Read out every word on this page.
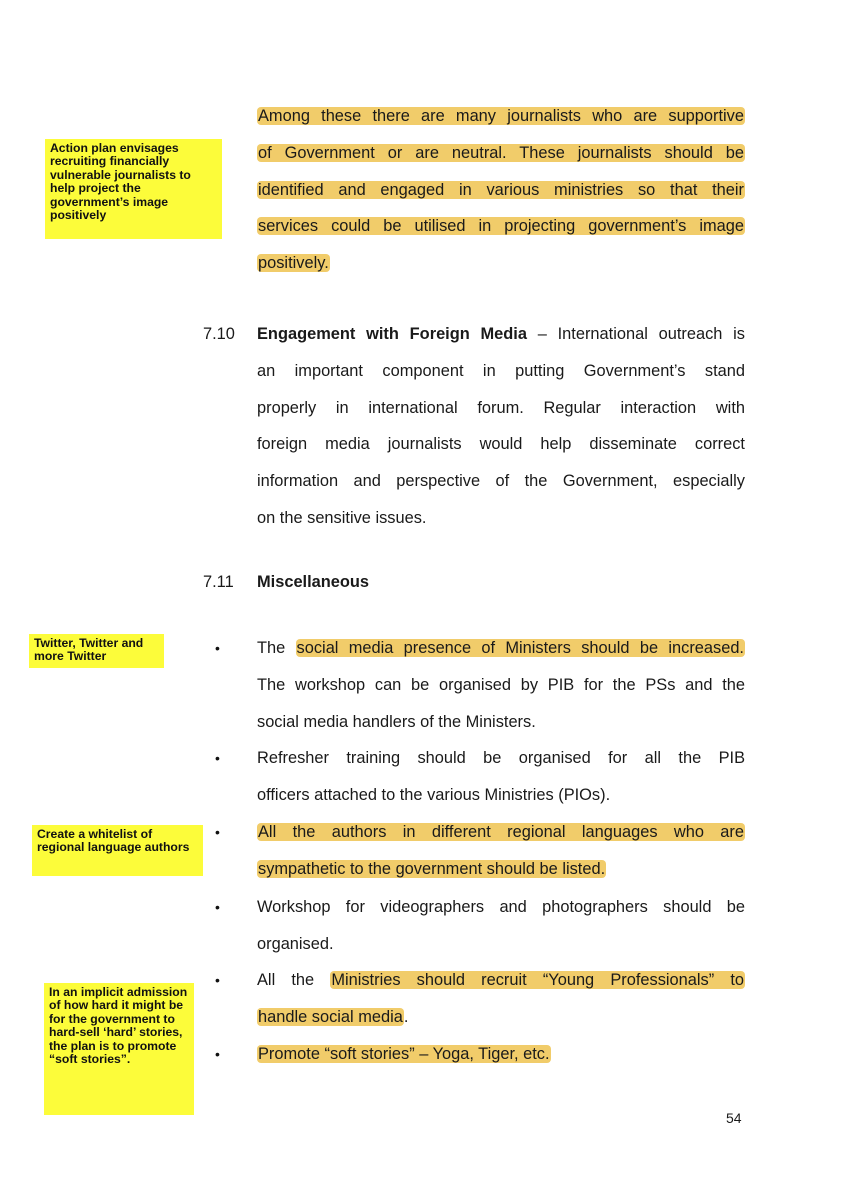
Action plan envisages recruiting financially vulnerable journalists to help project the government’s image positively
Twitter, Twitter and more Twitter
Create a whitelist of regional language authors
In an implicit admission of how hard it might be for the government to hard-sell ‘hard’ stories, the plan is to promote “soft stories”.
Among these there are many journalists who are supportive
of Government or are neutral. These journalists should be
identified and engaged in various ministries so that their
services could be utilised in projecting government’s image
positively.
7.10 Engagement with Foreign Media – International outreach is
an important component in putting Government’s stand
properly in international forum. Regular interaction with
foreign media journalists would help disseminate correct
information and perspective of the Government, especially
on the sensitive issues.
7.11 Miscellaneous
• The social media presence of Ministers should be increased.
The workshop can be organised by PIB for the PSs and the
social media handlers of the Ministers.
• Refresher training should be organised for all the PIB
officers attached to the various Ministries (PIOs).
• All the authors in different regional languages who are
sympathetic to the government should be listed.
• Workshop for videographers and photographers should be
organised.
• All the Ministries should recruit “Young Professionals” to
handle social media.
• Promote “soft stories” – Yoga, Tiger, etc.
54
